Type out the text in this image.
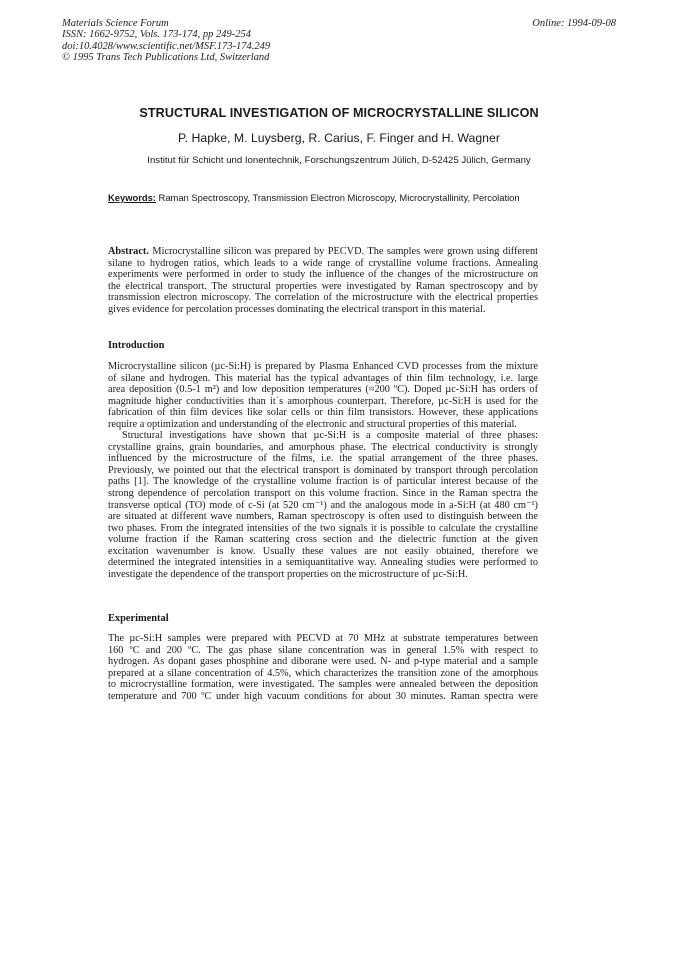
Materials Science Forum
ISSN: 1662-9752, Vols. 173-174, pp 249-254
doi:10.4028/www.scientific.net/MSF.173-174.249
© 1995 Trans Tech Publications Ltd, Switzerland
Online: 1994-09-08
STRUCTURAL INVESTIGATION OF MICROCRYSTALLINE SILICON
P. Hapke, M. Luysberg, R. Carius, F. Finger and H. Wagner
Institut für Schicht und Ionentechnik, Forschungszentrum Jülich, D-52425 Jülich, Germany
Keywords: Raman Spectroscopy, Transmission Electron Microscopy, Microcrystallinity, Percolation
Abstract. Microcrystalline silicon was prepared by PECVD. The samples were grown using different
silane to hydrogen ratios, which leads to a wide range of crystalline volume fractions. Annealing
experiments were performed in order to study the influence of the changes of the microstructure on
the electrical transport. The structural properties were investigated by Raman spectroscopy and by
transmission electron microscopy. The correlation of the microstructure with the electrical properties
gives evidence for percolation processes dominating the electrical transport in this material.
Introduction
Microcrystalline silicon (µc-Si:H) is prepared by Plasma Enhanced CVD processes from the mixture
of silane and hydrogen. This material has the typical advantages of thin film technology, i.e. large
area deposition (0.5-1 m²) and low deposition temperatures (≈200 ºC). Doped µc-Si:H has orders of
magnitude higher conductivities than it´s amorphous counterpart. Therefore, µc-Si:H is used for the
fabrication of thin film devices like solar cells or thin film transistors. However, these applications
require a optimization and understanding of the electronic and structural properties of this material.
Structural investigations have shown that µc-Si:H is a composite material of three phases:
crystalline grains, grain boundaries, and amorphous phase. The electrical conductivity is strongly
influenced by the microstructure of the films, i.e. the spatial arrangement of the three phases.
Previously, we pointed out that the electrical transport is dominated by transport through percolation
paths [1]. The knowledge of the crystalline volume fraction is of particular interest because of the
strong dependence of percolation transport on this volume fraction. Since in the Raman spectra the
transverse optical (TO) mode of c-Si (at 520 cm⁻¹) and the analogous mode in a-Si:H (at 480 cm⁻¹)
are situated at different wave numbers, Raman spectroscopy is often used to distinguish between the
two phases. From the integrated intensities of the two signals it is possible to calculate the crystalline
volume fraction if the Raman scattering cross section and the dielectric function at the given
excitation wavenumber is know. Usually these values are not easily obtained, therefore we
determined the integrated intensities in a semiquantitative way. Annealing studies were performed to
investigate the dependence of the transport properties on the microstructure of µc-Si:H.
Experimental
The µc-Si:H samples were prepared with PECVD at 70 MHz at substrate temperatures between
160 ºC and 200 ºC. The gas phase silane concentration was in general 1.5% with respect to
hydrogen. As dopant gases phosphine and diborane were used. N- and p-type material and a sample
prepared at a silane concentration of 4.5%, which characterizes the transition zone of the amorphous
to microcrystalline formation, were investigated. The samples were annealed between the deposition
temperature and 700 ºC under high vacuum conditions for about 30 minutes. Raman spectra were
